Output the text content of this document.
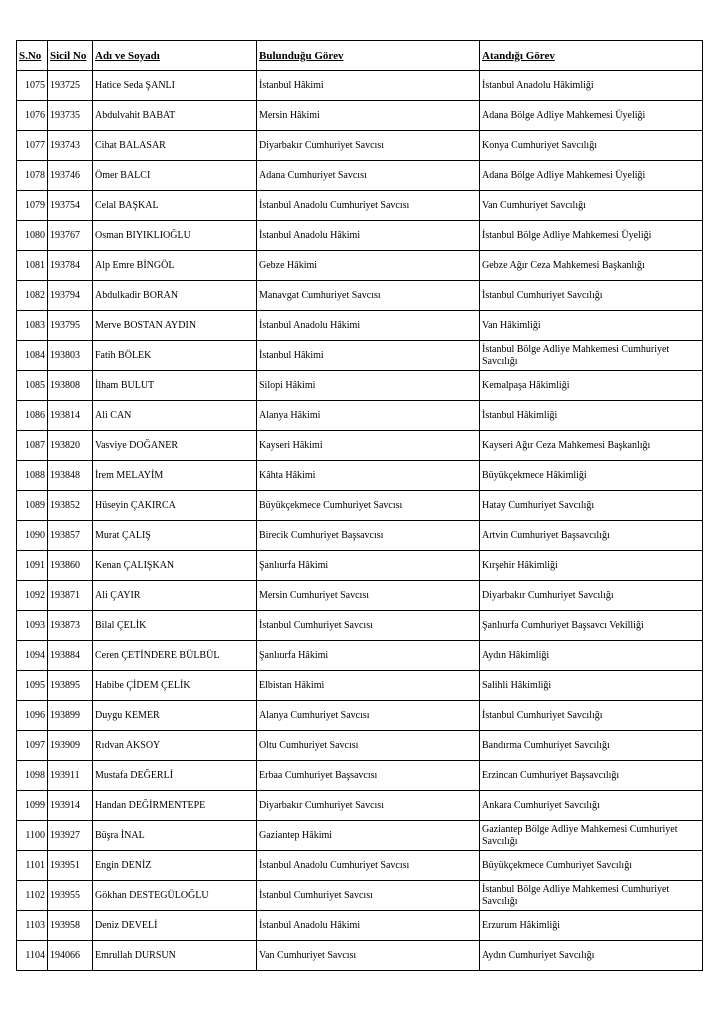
S.No	Sicil No	Adı ve Soyadı	Bulunduğu Görev	Atandığı Görev
1075	193725	Hatice Seda ŞANLI	İstanbul Hâkimi	İstanbul Anadolu Hâkimliği
1076	193735	Abdulvahit BABAT	Mersin Hâkimi	Adana Bölge Adliye Mahkemesi Üyeliği
1077	193743	Cihat BALASAR	Diyarbakır Cumhuriyet Savcısı	Konya Cumhuriyet Savcılığı
1078	193746	Ömer BALCI	Adana Cumhuriyet Savcısı	Adana Bölge Adliye Mahkemesi Üyeliği
1079	193754	Celal BAŞKAL	İstanbul Anadolu Cumhuriyet Savcısı	Van Cumhuriyet Savcılığı
1080	193767	Osman BIYIKLIOĞLU	İstanbul Anadolu Hâkimi	İstanbul Bölge Adliye Mahkemesi Üyeliği
1081	193784	Alp Emre BİNGÖL	Gebze Hâkimi	Gebze Ağır Ceza Mahkemesi Başkanlığı
1082	193794	Abdulkadir BORAN	Manavgat Cumhuriyet Savcısı	İstanbul Cumhuriyet Savcılığı
1083	193795	Merve BOSTAN AYDIN	İstanbul Anadolu Hâkimi	Van Hâkimliği
1084	193803	Fatih BÖLEK	İstanbul Hâkimi	İstanbul Bölge Adliye Mahkemesi Cumhuriyet Savcılığı
1085	193808	İlham BULUT	Silopi Hâkimi	Kemalpaşa Hâkimliği
1086	193814	Ali CAN	Alanya Hâkimi	İstanbul Hâkimliği
1087	193820	Vasviye DOĞANER	Kayseri Hâkimi	Kayseri Ağır Ceza Mahkemesi Başkanlığı
1088	193848	İrem MELAYİM	Kâhta Hâkimi	Büyükçekmece Hâkimliği
1089	193852	Hüseyin ÇAKIRCA	Büyükçekmece Cumhuriyet Savcısı	Hatay Cumhuriyet Savcılığı
1090	193857	Murat ÇALIŞ	Birecik Cumhuriyet Başsavcısı	Artvin Cumhuriyet Başsavcılığı
1091	193860	Kenan ÇALIŞKAN	Şanlıurfa Hâkimi	Kırşehir Hâkimliği
1092	193871	Ali ÇAYIR	Mersin Cumhuriyet Savcısı	Diyarbakır Cumhuriyet Savcılığı
1093	193873	Bilal ÇELİK	İstanbul Cumhuriyet Savcısı	Şanlıurfa Cumhuriyet Başsavcı Vekilliği
1094	193884	Ceren ÇETİNDERE BÜLBÜL	Şanlıurfa Hâkimi	Aydın Hâkimliği
1095	193895	Habibe ÇİDEM ÇELİK	Elbistan Hâkimi	Salihli Hâkimliği
1096	193899	Duygu KEMER	Alanya Cumhuriyet Savcısı	İstanbul Cumhuriyet Savcılığı
1097	193909	Rıdvan AKSOY	Oltu Cumhuriyet Savcısı	Bandırma Cumhuriyet Savcılığı
1098	193911	Mustafa DEĞERLİ	Erbaa Cumhuriyet Başsavcısı	Erzincan Cumhuriyet Başsavcılığı
1099	193914	Handan DEĞİRMENTEPE	Diyarbakır Cumhuriyet Savcısı	Ankara Cumhuriyet Savcılığı
1100	193927	Büşra İNAL	Gaziantep Hâkimi	Gaziantep Bölge Adliye Mahkemesi Cumhuriyet Savcılığı
1101	193951	Engin DENİZ	İstanbul Anadolu Cumhuriyet Savcısı	Büyükçekmece Cumhuriyet Savcılığı
1102	193955	Gökhan DESTEGÜLOĞLU	İstanbul Cumhuriyet Savcısı	İstanbul Bölge Adliye Mahkemesi Cumhuriyet Savcılığı
1103	193958	Deniz DEVELİ	İstanbul Anadolu Hâkimi	Erzurum Hâkimliği
1104	194066	Emrullah DURSUN	Van Cumhuriyet Savcısı	Aydın Cumhuriyet Savcılığı
